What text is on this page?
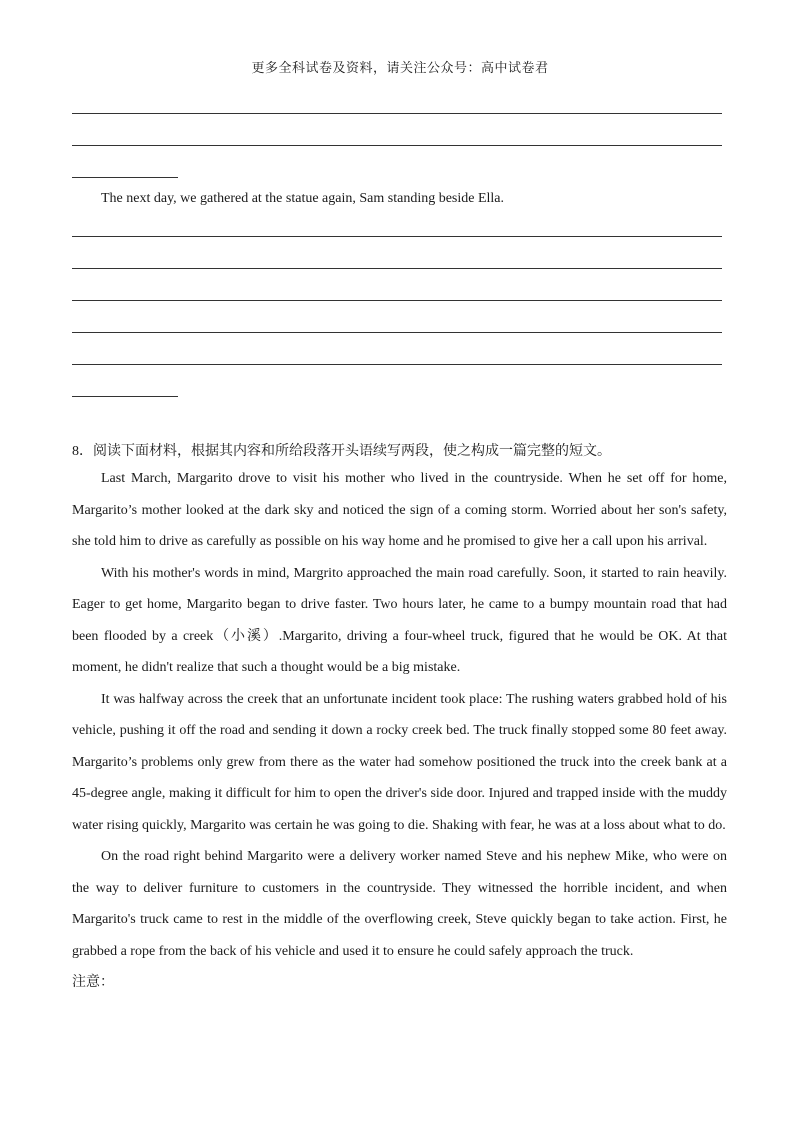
更多全科试卷及资料，请关注公众号：高中试卷君
The next day, we gathered at the statue again, Sam standing beside Ella.
8．阅读下面材料，根据其内容和所给段落开头语续写两段，使之构成一篇完整的短文。

Last March, Margarito drove to visit his mother who lived in the countryside. When he set off for home, Margarito’s mother looked at the dark sky and noticed the sign of a coming storm. Worried about her son's safety, she told him to drive as carefully as possible on his way home and he promised to give her a call upon his arrival.

With his mother's words in mind, Margrito approached the main road carefully. Soon, it started to rain heavily. Eager to get home, Margarito began to drive faster. Two hours later, he came to a bumpy mountain road that had been flooded by a creek（小溪）.Margarito, driving a four-wheel truck, figured that he would be OK. At that moment, he didn't realize that such a thought would be a big mistake.

It was halfway across the creek that an unfortunate incident took place: The rushing waters grabbed hold of his vehicle, pushing it off the road and sending it down a rocky creek bed. The truck finally stopped some 80 feet away. Margarito’s problems only grew from there as the water had somehow positioned the truck into the creek bank at a 45-degree angle, making it difficult for him to open the driver's side door. Injured and trapped inside with the muddy water rising quickly, Margarito was certain he was going to die. Shaking with fear, he was at a loss about what to do.

On the road right behind Margarito were a delivery worker named Steve and his nephew Mike, who were on the way to deliver furniture to customers in the countryside. They witnessed the horrible incident, and when Margarito's truck came to rest in the middle of the overflowing creek, Steve quickly began to take action. First, he grabbed a rope from the back of his vehicle and used it to ensure he could safely approach the truck.

注意：
